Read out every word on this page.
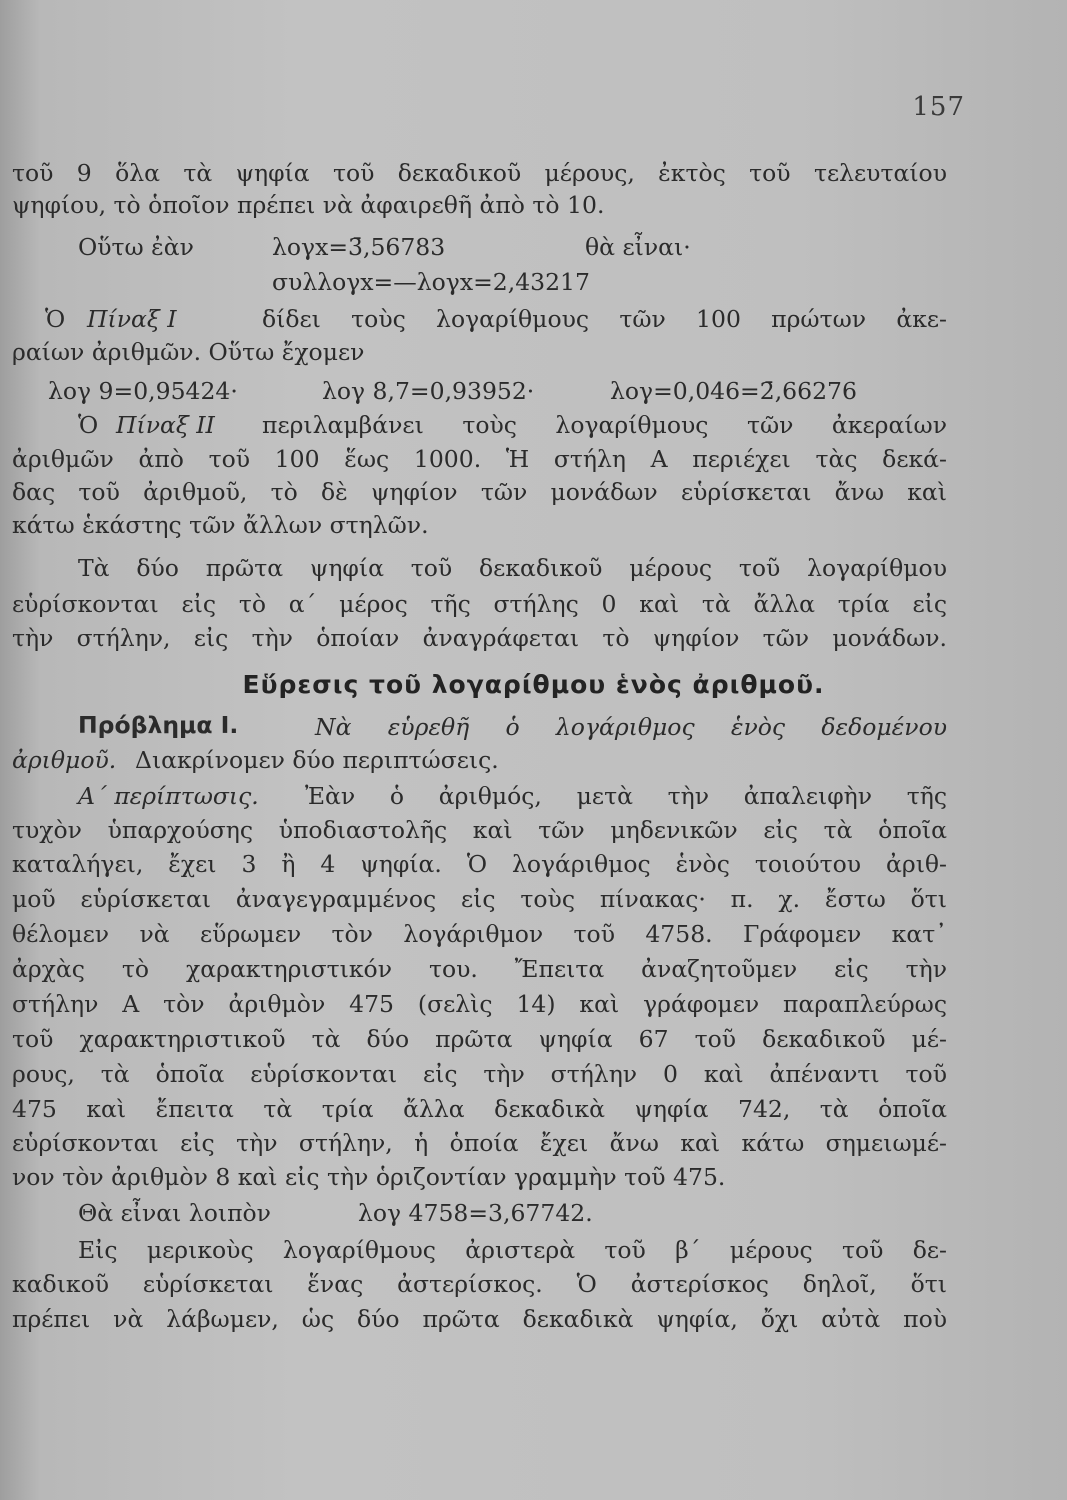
157
τοῦ 9 ὅλα τὰ ψηφία τοῦ δεκαδικοῦ μέρους, ἐκτὸς τοῦ τελευταίου
ψηφίου, τὸ ὁποῖον πρέπει νὰ ἀφαιρεθῆ ἀπὸ τὸ 10.
Οὕτω ἐὰν	λογx=3̄,56783	θὰ εἶναι·
συλλογx=—λογx=2,43217
Ὁ Πίναξ Ι	δίδει τοὺς λογαρίθμους τῶν 100 πρώτων ἀκε-
ραίων ἀριθμῶν. Οὕτω ἔχομεν
λογ 9=0,95424·	λογ 8,7=0,93952·	λογ=0,046=2̄,66276
Ὁ Πίναξ ΙΙ	περιλαμβάνει τοὺς λογαρίθμους τῶν ἀκεραίων
ἀριθμῶν ἀπὸ τοῦ 100 ἕως 1000. Ἡ στήλη Α περιέχει τὰς δεκά-
δας τοῦ ἀριθμοῦ, τὸ δὲ ψηφίον τῶν μονάδων εὑρίσκεται ἄνω καὶ
κάτω ἑκάστης τῶν ἄλλων στηλῶν.
Τὰ δύο πρῶτα ψηφία τοῦ δεκαδικοῦ μέρους τοῦ λογαρίθμου
εὑρίσκονται εἰς τὸ α΄ μέρος τῆς στήλης 0 καὶ τὰ ἄλλα τρία εἰς
τὴν στήλην, εἰς τὴν ὁποίαν ἀναγράφεται τὸ ψηφίον τῶν μονάδων.
Εὕρεσις τοῦ λογαρίθμου ἑνὸς ἀριθμοῦ.
Πρόβλημα Ι.	Νὰ εὑρεθῆ ὁ λογάριθμος ἑνὸς δεδομένου
ἀριθμοῦ. Διακρίνομεν δύο περιπτώσεις.
Α΄ περίπτωσις.	Ἐὰν ὁ ἀριθμός, μετὰ τὴν ἀπαλειφὴν τῆς
τυχὸν ὑπαρχούσης ὑποδιαστολῆς καὶ τῶν μηδενικῶν εἰς τὰ ὁποῖα
καταλήγει, ἔχει 3 ἢ 4 ψηφία. Ὁ λογάριθμος ἑνὸς τοιούτου ἀριθ-
μοῦ εὑρίσκεται ἀναγεγραμμένος εἰς τοὺς πίνακας· π. χ. ἔστω ὅτι
θέλομεν νὰ εὕρωμεν τὸν λογάριθμον τοῦ 4758. Γράφομεν κατ᾽
ἀρχὰς τὸ χαρακτηριστικόν του. Ἔπειτα ἀναζητοῦμεν εἰς τὴν
στήλην Α τὸν ἀριθμὸν 475 (σελὶς 14) καὶ γράφομεν παραπλεύρως
τοῦ χαρακτηριστικοῦ τὰ δύο πρῶτα ψηφία 67 τοῦ δεκαδικοῦ μέ-
ρους, τὰ ὁποῖα εὑρίσκονται εἰς τὴν στήλην 0 καὶ ἀπέναντι τοῦ
475 καὶ ἔπειτα τὰ τρία ἄλλα δεκαδικὰ ψηφία 742, τὰ ὁποῖα
εὑρίσκονται εἰς τὴν στήλην, ἡ ὁποία ἔχει ἄνω καὶ κάτω σημειωμέ-
νον τὸν ἀριθμὸν 8 καὶ εἰς τὴν ὁριζοντίαν γραμμὴν τοῦ 475.
Θὰ εἶναι λοιπὸν	λογ 4758=3,67742.
Εἰς μερικοὺς λογαρίθμους ἀριστερὰ τοῦ β΄ μέρους τοῦ δε-
καδικοῦ εὑρίσκεται ἕνας ἀστερίσκος. Ὁ ἀστερίσκος δηλοῖ, ὅτι
πρέπει νὰ λάβωμεν, ὡς δύο πρῶτα δεκαδικὰ ψηφία, ὄχι αὐτὰ ποὺ
